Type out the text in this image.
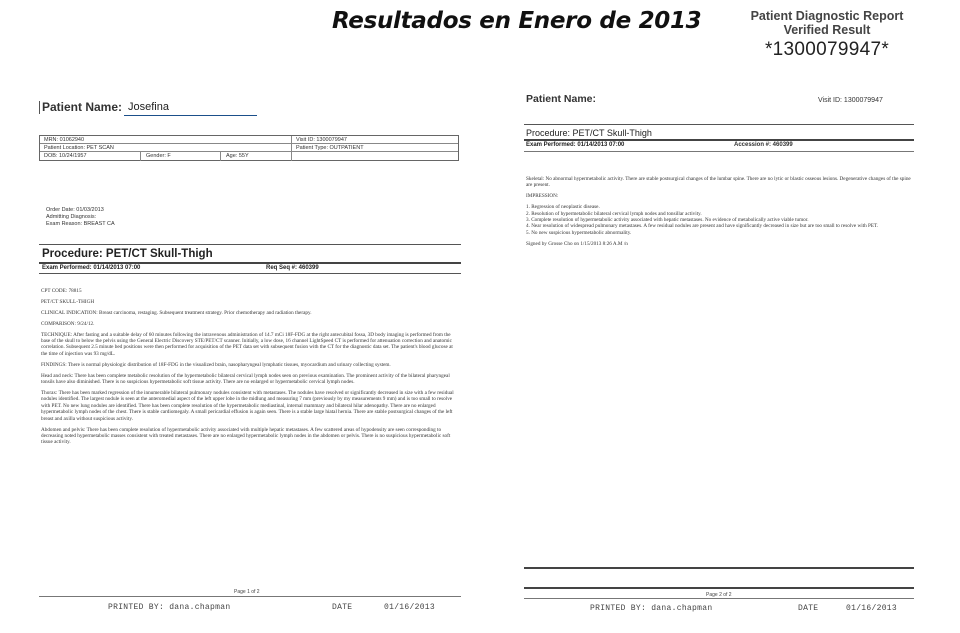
Resultados en Enero de 2013	Patient Diagnostic Report
Verified Result
*1300079947*
Patient Name: Josefina
MRN: 01062940	Visit ID: 1300079947
Patient Location: PET SCAN	Patient Type: OUTPATIENT
DOB: 10/24/1957	Gender: F	Age: 55Y
Order Date: 01/03/2013
Admitting Diagnosis:
Exam Reason: BREAST CA
Procedure: PET/CT Skull-Thigh
Exam Performed: 01/14/2013 07:00	Req Seq #: 460399

CPT CODE: 78815

PET/CT SKULL-THIGH

CLINICAL INDICATION: Breast carcinoma, restaging. Subsequent treatment strategy. Prior chemotherapy and radiation therapy.

COMPARISON: 9/24/12.

TECHNIQUE: After fasting and a suitable delay of 60 minutes following the intravenous administration of 14.7 mCi 18F-FDG at the right antecubital fossa, 3D body imaging is performed from the base of the skull to below the pelvis using the General Electric Discovery STE/PET/CT scanner. Initially, a low dose, 16 channel LightSpeed CT is performed for attenuation correction and anatomic correlation. Subsequent 2.5 minute bed positions were then performed for acquisition of the PET data set with subsequent fusion with the CT for the diagnostic data set. The patient's blood glucose at the time of injection was 93 mg/dL.

FINDINGS: There is normal physiologic distribution of 18F-FDG in the visualized brain, nasopharyngeal lymphatic tissues, myocardium and urinary collecting system.

Head and neck: There has been complete metabolic resolution of the hypermetabolic bilateral cervical lymph nodes seen on previous examination. The prominent activity of the bilateral pharyngeal tonsils have also diminished. There is no suspicious hypermetabolic soft tissue activity. There are no enlarged or hypermetabolic cervical lymph nodes.

Thorax: There has been marked regression of the innumerable bilateral pulmonary nodules consistent with metastases. The nodules have resolved or significantly decreased in size with a few residual nodules identified. The largest nodule is seen at the anteromedial aspect of the left upper lobe in the midlung and measuring 7 mm (previously by my measurements 9 mm) and is too small to resolve with PET. No new lung nodules are identified. There has been complete resolution of the hypermetabolic mediastinal, internal mammary and bilateral hilar adenopathy. There are no enlarged hypermetabolic lymph nodes of the chest. There is stable cardiomegaly. A small pericardial effusion is again seen. There is a stable large hiatal hernia. There are stable postsurgical changes of the left breast and axilla without suspicious activity.

Abdomen and pelvis: There has been complete resolution of hypermetabolic activity associated with multiple hepatic metastases. A few scattered areas of hypodensity are seen corresponding to decreasing noted hypermetabolic masses consistent with treated metastases. There are no enlarged hypermetabolic lymph nodes in the abdomen or pelvis. There is no suspicious hypermetabolic soft tissue activity.

Page 1 of 2
PRINTED BY: dana.chapman	DATE	01/16/2013
Patient Name:	Visit ID: 1300079947
Procedure: PET/CT Skull-Thigh
Exam Performed: 01/14/2013 07:00	Accession #: 460399

Skeletal: No abnormal hypermetabolic activity. There are stable postsurgical changes of the lumbar spine. There are no lytic or blastic osseous lesions. Degenerative changes of the spine are present.

IMPRESSION:

1. Regression of neoplastic disease.

2. Resolution of hypermetabolic bilateral cervical lymph nodes and tonsillar activity.

3. Complete resolution of hypermetabolic activity associated with hepatic metastases. No evidence of metabolically active viable tumor.

4. Near resolution of widespread pulmonary metastases. A few residual nodules are present and have significantly decreased in size but are too small to resolve with PET.

5. No new suspicious hypermetabolic abnormality.

Signed by Grosse Cho on 1/15/2013 8:26 A.M /n

Page 2 of 2
PRINTED BY: dana.chapman	DATE	01/16/2013
